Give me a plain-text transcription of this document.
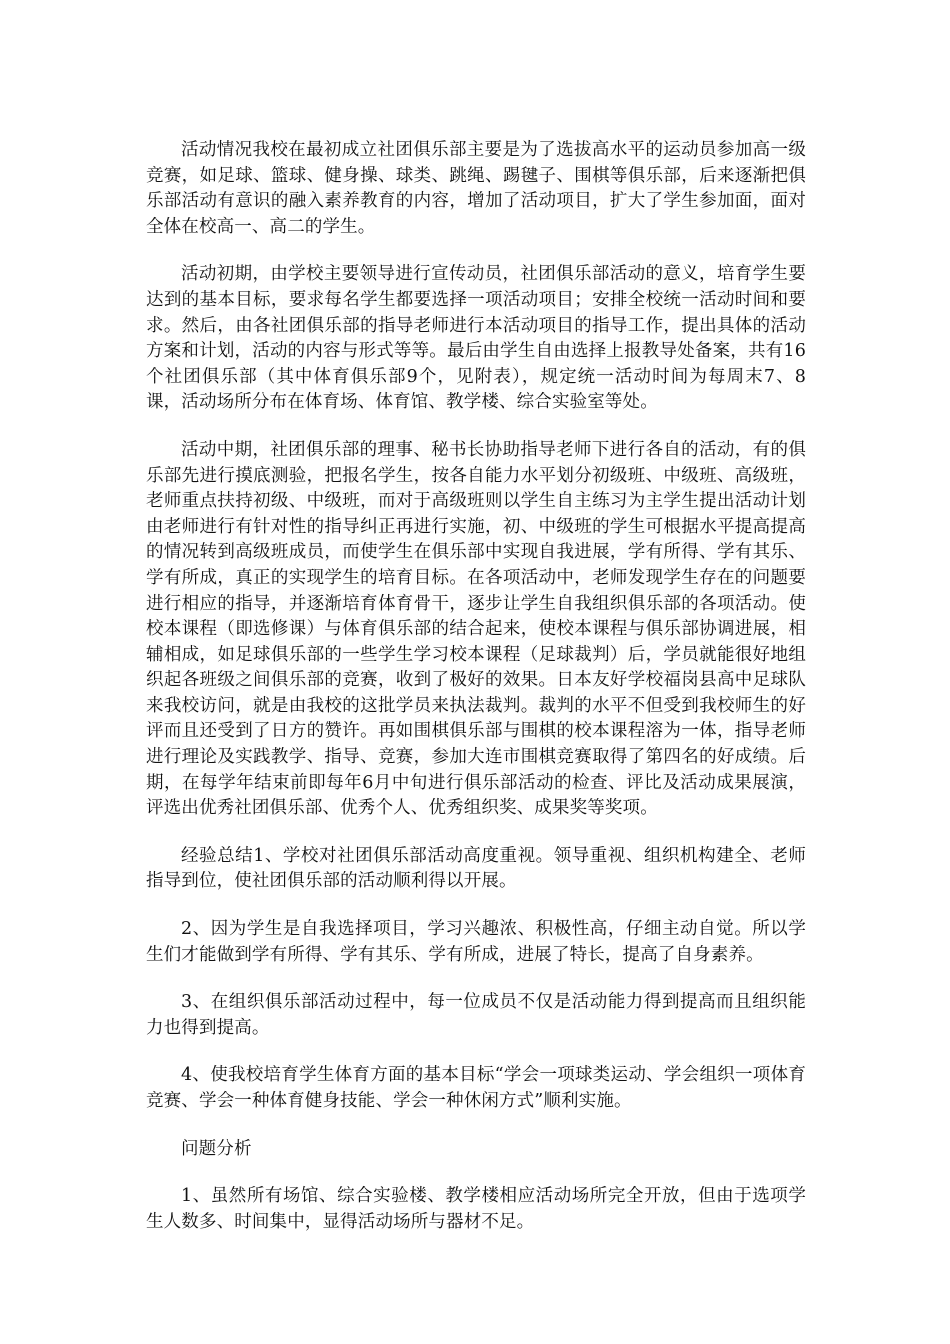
活动情况我校在最初成立社团俱乐部主要是为了选拔高水平的运动员参加高一级竞赛，如足球、篮球、健身操、球类、跳绳、踢毽子、围棋等俱乐部，后来逐渐把俱乐部活动有意识的融入素养教育的内容，增加了活动项目，扩大了学生参加面，面对全体在校高一、高二的学生。

活动初期，由学校主要领导进行宣传动员，社团俱乐部活动的意义，培育学生要达到的基本目标，要求每名学生都要选择一项活动项目；安排全校统一活动时间和要求。然后，由各社团俱乐部的指导老师进行本活动项目的指导工作，提出具体的活动方案和计划，活动的内容与形式等等。最后由学生自由选择上报教导处备案，共有16个社团俱乐部（其中体育俱乐部9个，见附表），规定统一活动时间为每周末7、8课，活动场所分布在体育场、体育馆、教学楼、综合实验室等处。

活动中期，社团俱乐部的理事、秘书长协助指导老师下进行各自的活动，有的俱乐部先进行摸底测验，把报名学生，按各自能力水平划分初级班、中级班、高级班，老师重点扶持初级、中级班，而对于高级班则以学生自主练习为主学生提出活动计划由老师进行有针对性的指导纠正再进行实施，初、中级班的学生可根据水平提高提高的情况转到高级班成员，而使学生在俱乐部中实现自我进展，学有所得、学有其乐、学有所成，真正的实现学生的培育目标。在各项活动中，老师发现学生存在的问题要进行相应的指导，并逐渐培育体育骨干，逐步让学生自我组织俱乐部的各项活动。使校本课程（即选修课）与体育俱乐部的结合起来，使校本课程与俱乐部协调进展，相辅相成，如足球俱乐部的一些学生学习校本课程（足球裁判）后，学员就能很好地组织起各班级之间俱乐部的竞赛，收到了极好的效果。日本友好学校福岗县高中足球队来我校访问，就是由我校的这批学员来执法裁判。裁判的水平不但受到我校师生的好评而且还受到了日方的赞许。再如围棋俱乐部与围棋的校本课程溶为一体，指导老师进行理论及实践教学、指导、竞赛，参加大连市围棋竞赛取得了第四名的好成绩。后期，在每学年结束前即每年6月中旬进行俱乐部活动的检查、评比及活动成果展演，评选出优秀社团俱乐部、优秀个人、优秀组织奖、成果奖等奖项。

经验总结1、学校对社团俱乐部活动高度重视。领导重视、组织机构建全、老师指导到位，使社团俱乐部的活动顺利得以开展。

2、因为学生是自我选择项目，学习兴趣浓、积极性高，仔细主动自觉。所以学生们才能做到学有所得、学有其乐、学有所成，进展了特长，提高了自身素养。

3、在组织俱乐部活动过程中，每一位成员不仅是活动能力得到提高而且组织能力也得到提高。

4、使我校培育学生体育方面的基本目标“学会一项球类运动、学会组织一项体育竞赛、学会一种体育健身技能、学会一种休闲方式”顺利实施。

问题分析

1、虽然所有场馆、综合实验楼、教学楼相应活动场所完全开放，但由于选项学生人数多、时间集中，显得活动场所与器材不足。
